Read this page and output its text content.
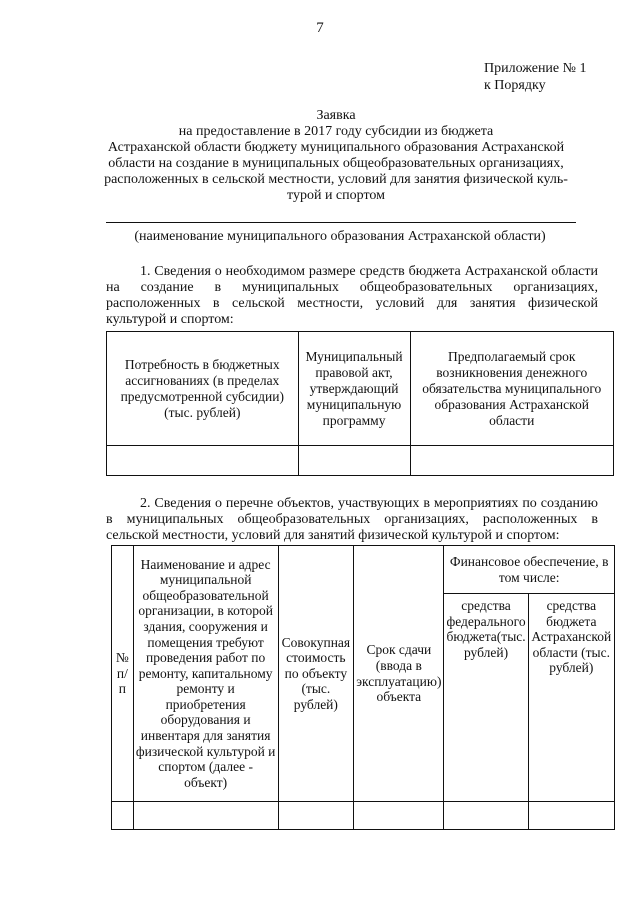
7
Приложение № 1
к Порядку
Заявка
на предоставление в 2017 году субсидии из бюджета
Астраханской области бюджету муниципального образования Астраханской
области на создание в муниципальных общеобразовательных организациях,
расположенных в сельской местности, условий для занятия физической куль-
турой и спортом
(наименование муниципального образования Астраханской области)
1. Сведения о необходимом размере средств бюджета Астраханской области на создание в муниципальных общеобразовательных организациях, расположенных в сельской местности, условий для занятия физической культурой и спортом:
Потребность в бюджетных ассигнованиях (в пределах предусмотренной субсидии) (тыс. рублей)	Муниципальный правовой акт, утверждающий муниципальную программу	Предполагаемый срок возникновения денежного обязательства муниципального образования Астраханской области

2. Сведения о перечне объектов, участвующих в мероприятиях по созданию в муниципальных общеобразовательных организациях, расположенных в сельской местности, условий для занятий физической культурой и спортом:
№ п/п	Наименование и адрес муниципальной общеобразовательной организации, в которой здания, сооружения и помещения требуют проведения работ по ремонту, капитальному ремонту и приобретения оборудования и инвентаря для занятия физической культурой и спортом (далее - объект)	Совокупная стоимость по объекту (тыс. рублей)	Срок сдачи (ввода в эксплуатацию) объекта	Финансовое обеспечение, в том числе:	
				средства федерального бюджета(тыс. рублей)	средства бюджета Астраханской области (тыс. рублей)
